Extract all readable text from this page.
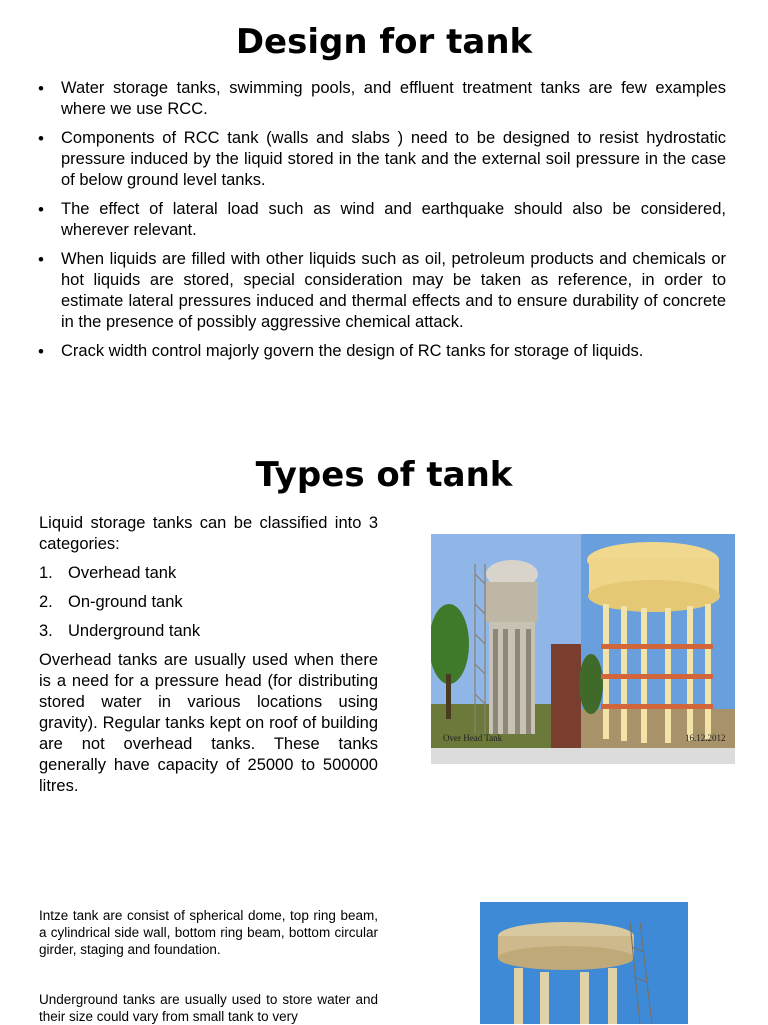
Design for tank
• Water storage tanks, swimming pools, and effluent treatment tanks are few examples where we use RCC.
• Components of RCC tank (walls and slabs ) need to be designed to resist hydrostatic pressure induced by the liquid stored in the tank and the external soil pressure in the case of below ground level tanks.
• The effect of lateral load such as wind and earthquake should also be considered, wherever relevant.
• When liquids are filled with other liquids such as oil, petroleum products and chemicals or hot liquids are stored, special consideration may be taken as reference, in order to estimate lateral pressures induced and thermal effects and to ensure durability of concrete in the presence of possibly aggressive chemical attack.
• Crack width control majorly govern the design of RC tanks for storage of liquids.
Types of tank

Liquid storage tanks can be classified into 3 categories:

1. Overhead tank
2. On-ground tank
3. Underground tank

Overhead tanks are usually used when there is a need for a pressure head (for distributing stored water in various locations using gravity). Regular tanks kept on roof of building are not overhead tanks. These tanks generally have capacity of 25000 to 500000 litres.

Intze tank are consist of spherical dome, top ring beam, a cylindrical side wall, bottom ring beam, bottom circular girder, staging and foundation.

Underground tanks are usually used to store water and their size could vary from small tank to very

Over Head Tank	16.12.2012
